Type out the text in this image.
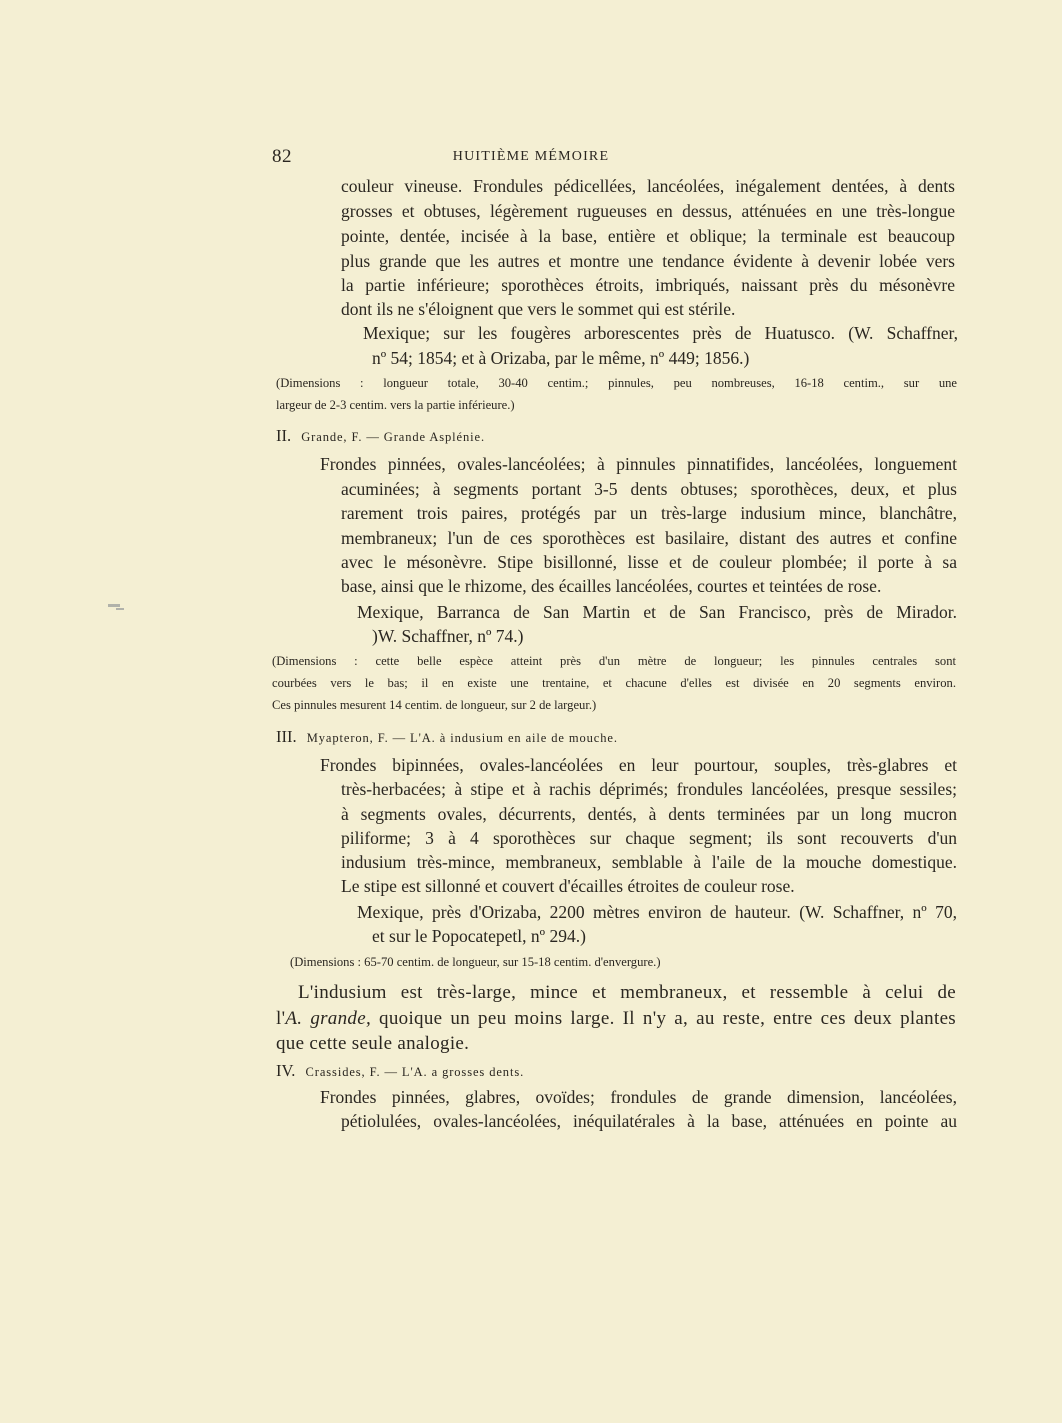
82	HUITIÈME MÉMOIRE
couleur vineuse. Frondules pédicellées, lancéolées, inégalement dentées, à dents
grosses et obtuses, légèrement rugueuses en dessus, atténuées en une très-longue
pointe, dentée, incisée à la base, entière et oblique; la terminale est beaucoup
plus grande que les autres et montre une tendance évidente à devenir lobée vers
la partie inférieure; sporothèces étroits, imbriqués, naissant près du mésonèvre
dont ils ne s'éloignent que vers le sommet qui est stérile.
Mexique; sur les fougères arborescentes près de Huatusco. (W. Schaffner,
nº 54; 1854; et à Orizaba, par le même, nº 449; 1856.)
(Dimensions : longueur totale, 30-40 centim.; pinnules, peu nombreuses, 16-18 centim., sur une
largeur de 2-3 centim. vers la partie inférieure.)
II. Grande, F. — Grande Asplénie.
Frondes pinnées, ovales-lancéolées; à pinnules pinnatifides, lancéolées, longuement
acuminées; à segments portant 3-5 dents obtuses; sporothèces, deux, et plus
rarement trois paires, protégés par un très-large indusium mince, blanchâtre,
membraneux; l'un de ces sporothèces est basilaire, distant des autres et confine
avec le mésonèvre. Stipe bisillonné, lisse et de couleur plombée; il porte à sa
base, ainsi que le rhizome, des écailles lancéolées, courtes et teintées de rose.
Mexique, Barranca de San Martin et de San Francisco, près de Mirador.
)W. Schaffner, nº 74.)
(Dimensions : cette belle espèce atteint près d'un mètre de longueur; les pinnules centrales sont
courbées vers le bas; il en existe une trentaine, et chacune d'elles est divisée en 20 segments environ.
Ces pinnules mesurent 14 centim. de longueur, sur 2 de largeur.)
III. Myapteron, F. — L'A. à indusium en aile de mouche.
Frondes bipinnées, ovales-lancéolées en leur pourtour, souples, très-glabres et
très-herbacées; à stipe et à rachis déprimés; frondules lancéolées, presque sessiles;
à segments ovales, décurrents, dentés, à dents terminées par un long mucron
piliforme; 3 à 4 sporothèces sur chaque segment; ils sont recouverts d'un
indusium très-mince, membraneux, semblable à l'aile de la mouche domestique.
Le stipe est sillonné et couvert d'écailles étroites de couleur rose.
Mexique, près d'Orizaba, 2200 mètres environ de hauteur. (W. Schaffner, nº 70,
et sur le Popocatepetl, nº 294.)
(Dimensions : 65-70 centim. de longueur, sur 15-18 centim. d'envergure.)
L'indusium est très-large, mince et membraneux, et ressemble à celui de
l'A. grande, quoique un peu moins large. Il n'y a, au reste, entre ces deux plantes
que cette seule analogie.
IV. Crassides, F. — L'A. a grosses dents.
Frondes pinnées, glabres, ovoïdes; frondules de grande dimension, lancéolées,
pétiolulées, ovales-lancéolées, inéquilatérales à la base, atténuées en pointe au
